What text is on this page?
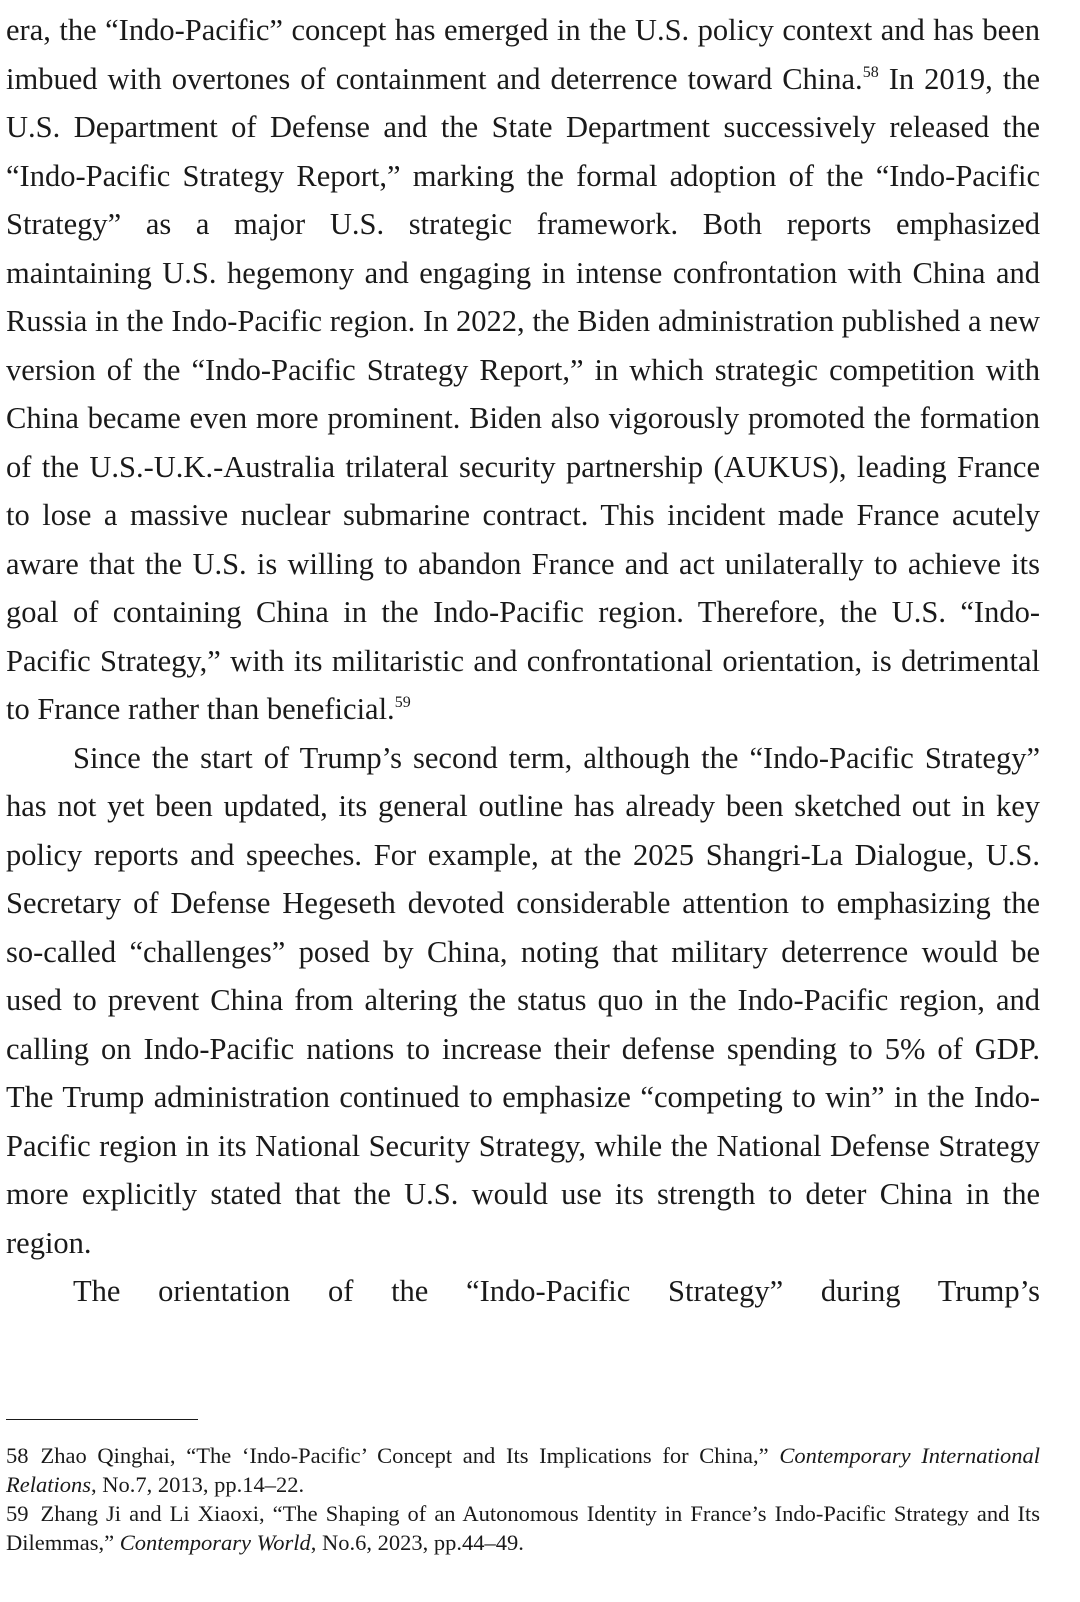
era, the “Indo-Pacific” concept has emerged in the U.S. policy context and has been imbued with overtones of containment and deterrence toward China.$^{58}$ In 2019, the U.S. Department of Defense and the State Department successively released the “Indo-Pacific Strategy Report,” marking the formal adoption of the “Indo-Pacific Strategy” as a major U.S. strategic framework. Both reports emphasized maintaining U.S. hegemony and engaging in intense confrontation with China and Russia in the Indo-Pacific region. In 2022, the Biden administration published a new version of the “Indo-Pacific Strategy Report,” in which strategic competition with China became even more prominent. Biden also vigorously promoted the formation of the U.S.-U.K.-Australia trilateral security partnership (AUKUS), leading France to lose a massive nuclear submarine contract. This incident made France acutely aware that the U.S. is willing to abandon France and act unilaterally to achieve its goal of containing China in the Indo-Pacific region. Therefore, the U.S. “Indo-Pacific Strategy,” with its militaristic and confrontational orientation, is detrimental to France rather than beneficial.$^{59}$

Since the start of Trump’s second term, although the “Indo-Pacific Strategy” has not yet been updated, its general outline has already been sketched out in key policy reports and speeches. For example, at the 2025 Shangri-La Dialogue, U.S. Secretary of Defense Hegeseth devoted considerable attention to emphasizing the so-called “challenges” posed by China, noting that military deterrence would be used to prevent China from altering the status quo in the Indo-Pacific region, and calling on Indo-Pacific nations to increase their defense spending to 5% of GDP. The Trump administration continued to emphasize “competing to win” in the Indo-Pacific region in its National Security Strategy, while the National Defense Strategy more explicitly stated that the U.S. would use its strength to deter China in the region.

The orientation of the “Indo-Pacific Strategy” during Trump’s

58 Zhao Qinghai, “The ‘Indo-Pacific’ Concept and Its Implications for China,” Contemporary International Relations, No.7, 2013, pp.14–22.

59 Zhang Ji and Li Xiaoxi, “The Shaping of an Autonomous Identity in France’s Indo-Pacific Strategy and Its Dilemmas,” Contemporary World, No.6, 2023, pp.44–49.
